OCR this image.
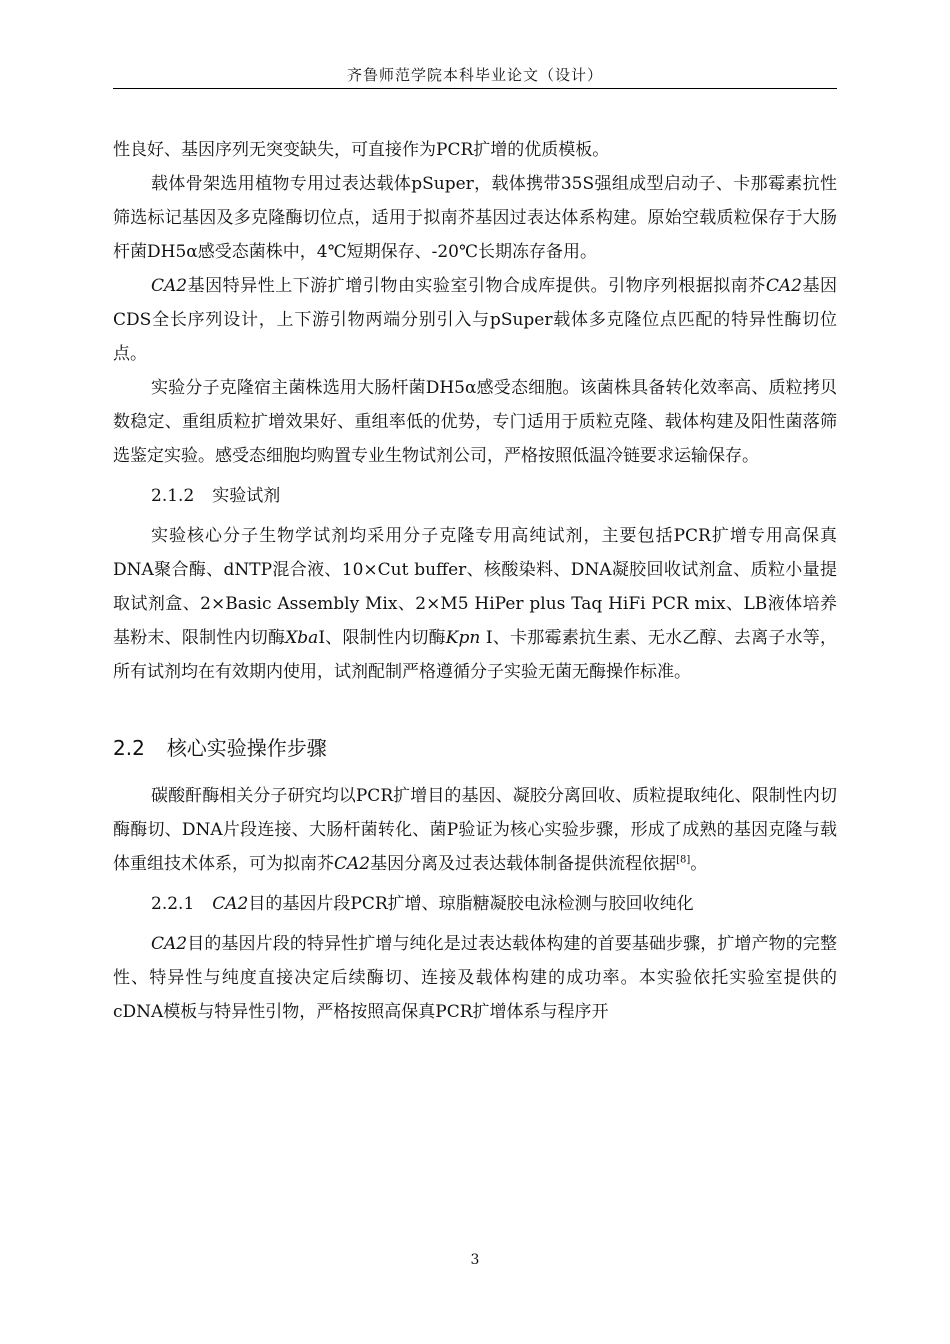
齐鲁师范学院本科毕业论文（设计）

性良好、基因序列无突变缺失，可直接作为PCR扩增的优质模板。

载体骨架选用植物专用过表达载体pSuper，载体携带35S强组成型启动子、卡那霉素抗性筛选标记基因及多克隆酶切位点，适用于拟南芥基因过表达体系构建。原始空载质粒保存于大肠杆菌DH5α感受态菌株中，4℃短期保存、-20℃长期冻存备用。

CA2基因特异性上下游扩增引物由实验室引物合成库提供。引物序列根据拟南芥CA2基因CDS全长序列设计，上下游引物两端分别引入与pSuper载体多克隆位点匹配的特异性酶切位点。

实验分子克隆宿主菌株选用大肠杆菌DH5α感受态细胞。该菌株具备转化效率高、质粒拷贝数稳定、重组质粒扩增效果好、重组率低的优势，专门适用于质粒克隆、载体构建及阳性菌落筛选鉴定实验。感受态细胞均购置专业生物试剂公司，严格按照低温冷链要求运输保存。

2.1.2 实验试剂

实验核心分子生物学试剂均采用分子克隆专用高纯试剂，主要包括PCR扩增专用高保真DNA聚合酶、dNTP混合液、10×Cut buffer、核酸染料、DNA凝胶回收试剂盒、质粒小量提取试剂盒、2×Basic Assembly Mix、2×M5 HiPer plus Taq HiFi PCR mix、LB液体培养基粉末、限制性内切酶XbaI、限制性内切酶Kpn I、卡那霉素抗生素、无水乙醇、去离子水等，所有试剂均在有效期内使用，试剂配制严格遵循分子实验无菌无酶操作标准。

2.2 核心实验操作步骤

碳酸酐酶相关分子研究均以PCR扩增目的基因、凝胶分离回收、质粒提取纯化、限制性内切酶酶切、DNA片段连接、大肠杆菌转化、菌P验证为核心实验步骤，形成了成熟的基因克隆与载体重组技术体系，可为拟南芥CA2基因分离及过表达载体制备提供流程依据[8]。

2.2.1 CA2目的基因片段PCR扩增、琼脂糖凝胶电泳检测与胶回收纯化

CA2目的基因片段的特异性扩增与纯化是过表达载体构建的首要基础步骤，扩增产物的完整性、特异性与纯度直接决定后续酶切、连接及载体构建的成功率。本实验依托实验室提供的cDNA模板与特异性引物，严格按照高保真PCR扩增体系与程序开

3
